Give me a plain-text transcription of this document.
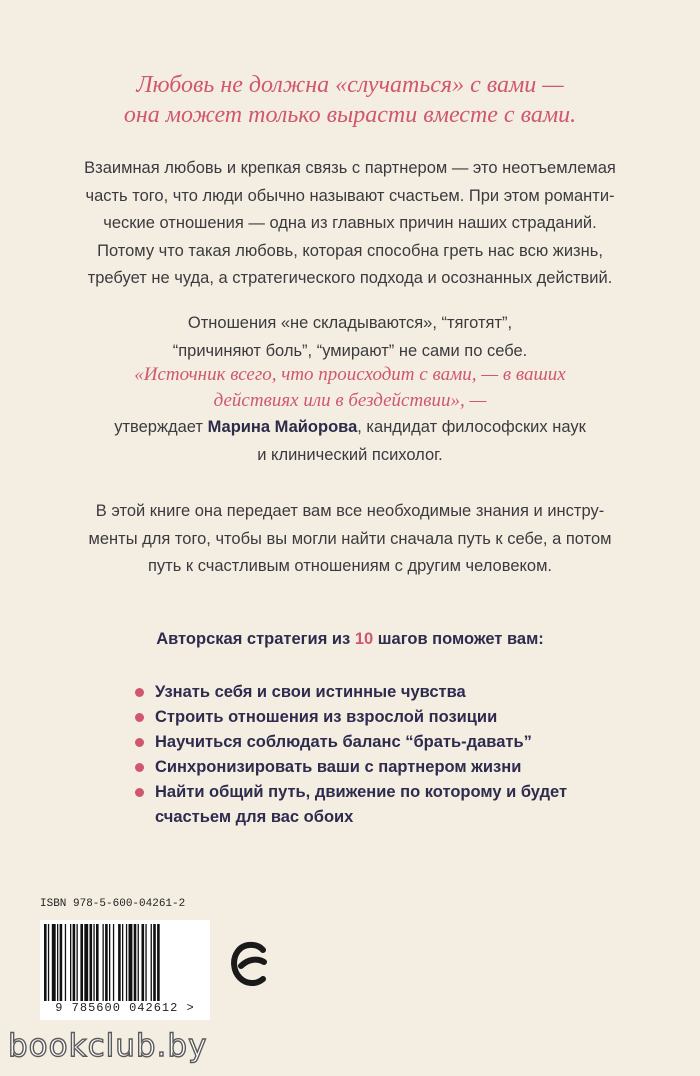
Любовь не должна «случаться» с вами —
она может только вырасти вместе с вами.
Взаимная любовь и крепкая связь с партнером — это неотъемлемая
часть того, что люди обычно называют счастьем. При этом романти-
ческие отношения — одна из главных причин наших страданий.
Потому что такая любовь, которая способна греть нас всю жизнь,
требует не чуда, а стратегического подхода и осознанных действий.
Отношения «не складываются», “тяготят”,
“причиняют боль”, “умирают” не сами по себе.
«Источник всего, что происходит с вами, — в ваших
действиях или в бездействии», —
утверждает Марина Майорова, кандидат философских наук
и клинический психолог.
В этой книге она передает вам все необходимые знания и инстру-
менты для того, чтобы вы могли найти сначала путь к себе, а потом
путь к счастливым отношениям с другим человеком.
Авторская стратегия из 10 шагов поможет вам:
Узнать себя и свои истинные чувства
Строить отношения из взрослой позиции
Научиться соблюдать баланс “брать-давать”
Синхронизировать ваши с партнером жизни
Найти общий путь, движение по которому и будет
счастьем для вас обоих
ISBN 978-5-600-04261-2
9 785600 042612 >
bookclub.by
